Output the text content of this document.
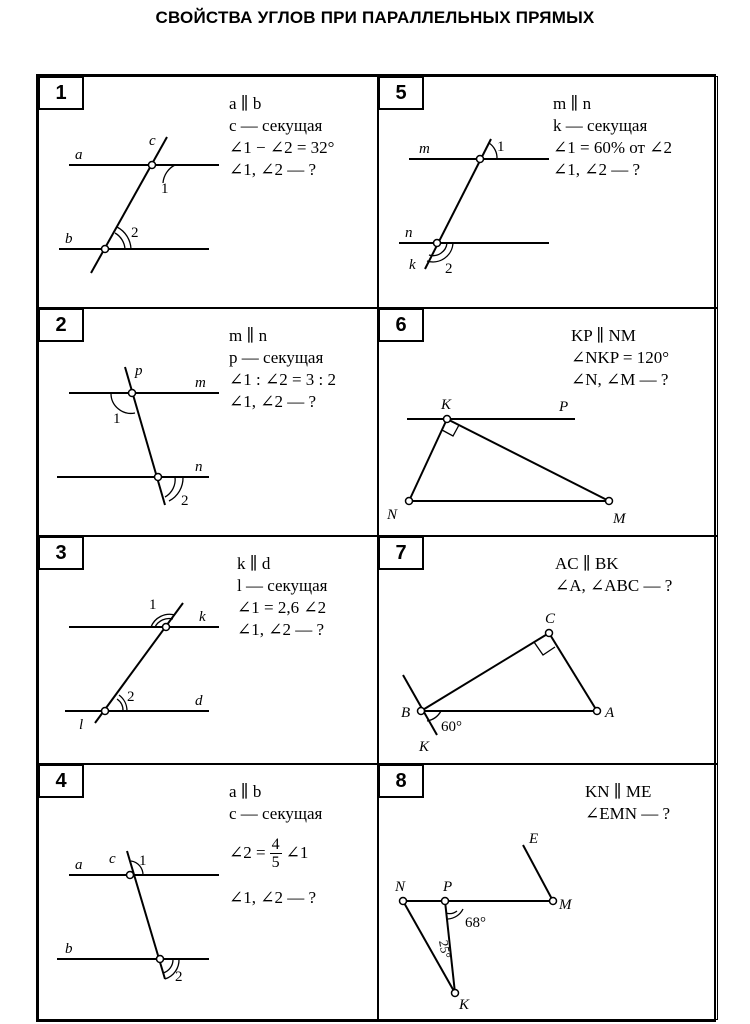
СВОЙСТВА УГЛОВ ПРИ ПАРАЛЛЕЛЬНЫХ ПРЯМЫХ
1	a ∥ b
c — секущая
∠1 − ∠2 = 32°
∠1, ∠2 — ?
a
b
c
1
2
5	m ∥ n
k — секущая
∠1 = 60% от ∠2
∠1, ∠2 — ?
m
n
k
1
2
2	m ∥ n
p — секущая
∠1 : ∠2 = 3 : 2
∠1, ∠2 — ?
p
m
n
1
2
6	KP ∥ NM
∠NKP = 120°
∠N, ∠M — ?
K	P
N	M
3	k ∥ d
l — секущая
∠1 = 2,6 ∠2
∠1, ∠2 — ?
k
d
l
1
2
7	AC ∥ BK
∠A, ∠ABC — ?
C
B	A
K
60°
4	a ∥ b
c — секущая
∠2 = $\frac{4}{5}$ ∠1
∠1, ∠2 — ?
a
b
c 1
2
8	KN ∥ ME
∠EMN — ?
N	P
E
M
K
68°
25°
